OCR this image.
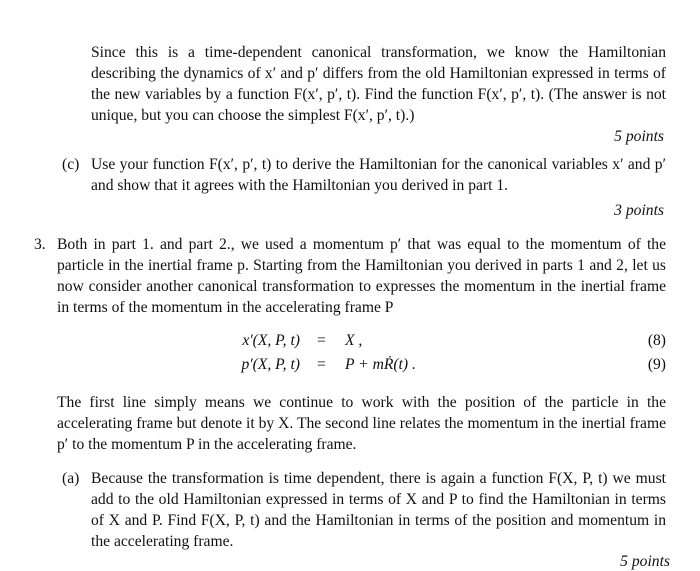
Since this is a time-dependent canonical transformation, we know the Hamiltonian describing the dynamics of x′ and p′ differs from the old Hamiltonian expressed in terms of the new variables by a function F(x′, p′, t). Find the function F(x′, p′, t). (The answer is not unique, but you can choose the simplest F(x′, p′, t).)

5 points

(c) Use your function F(x′, p′, t) to derive the Hamiltonian for the canonical variables x′ and p′ and show that it agrees with the Hamiltonian you derived in part 1.

3 points

3. Both in part 1. and part 2., we used a momentum p′ that was equal to the momentum of the particle in the inertial frame p. Starting from the Hamiltonian you derived in parts 1 and 2, let us now consider another canonical transformation to expresses the momentum in the inertial frame in terms of the momentum in the accelerating frame P

x′(X, P, t) = X ,	(8)
p′(X, P, t) = P + mṘ(t) .	(9)

The first line simply means we continue to work with the position of the particle in the accelerating frame but denote it by X. The second line relates the momentum in the inertial frame p′ to the momentum P in the accelerating frame.

(a) Because the transformation is time dependent, there is again a function F(X, P, t) we must add to the old Hamiltonian expressed in terms of X and P to find the Hamiltonian in terms of X and P. Find F(X, P, t) and the Hamiltonian in terms of the position and momentum in the accelerating frame.

5 points
